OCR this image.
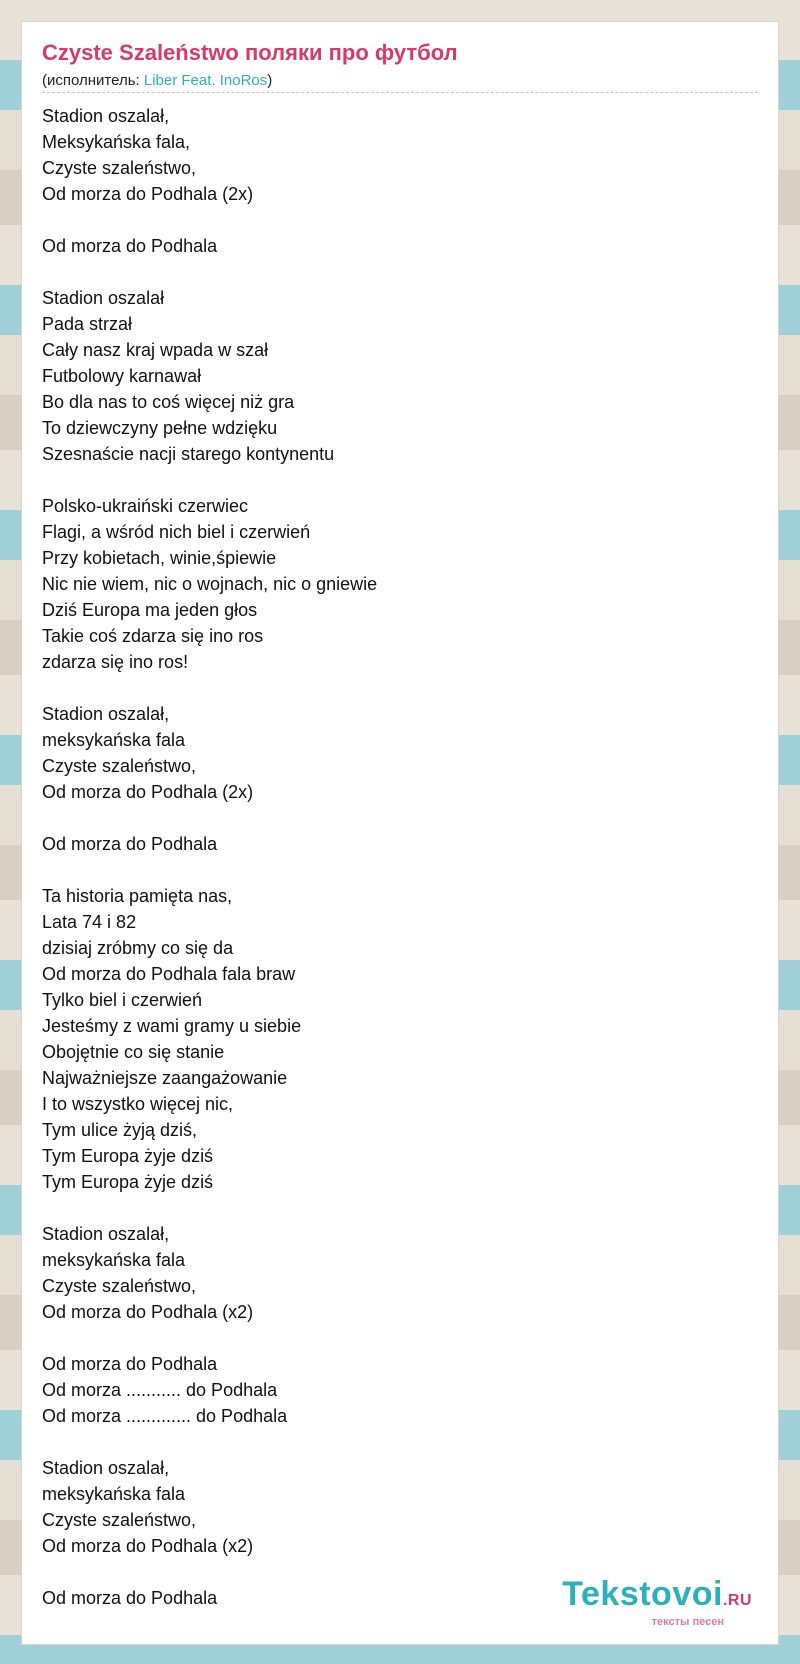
Czyste Szaleństwo поляки про футбол
(исполнитель: Liber Feat. InoRos)
Stadion oszalał,
Meksykańska fala,
Czyste szaleństwo,
Od morza do Podhala (2x)
Od morza do Podhala
Stadion oszalał
Pada strzał
Cały nasz kraj wpada w szał
Futbolowy karnawał
Bo dla nas to coś więcej niż gra
To dziewczyny pełne wdzięku
Szesnaście nacji starego kontynentu
Polsko-ukraiński czerwiec
Flagi, a wśród nich biel i czerwień
Przy kobietach, winie,śpiewie
Nic nie wiem, nic o wojnach, nic o gniewie
Dziś Europa ma jeden głos
Takie coś zdarza się ino ros
zdarza się ino ros!
Stadion oszalał,
meksykańska fala
Czyste szaleństwo,
Od morza do Podhala (2x)
Od morza do Podhala
Ta historia pamięta nas,
Lata 74 i 82
dzisiaj zróbmy co się da
Od morza do Podhala fala braw
Tylko biel i czerwień
Jesteśmy z wami gramy u siebie
Obojętnie co się stanie
Najważniejsze zaangażowanie
I to wszystko więcej nic,
Tym ulice żyją dziś,
Tym Europa żyje dziś
Tym Europa żyje dziś
Stadion oszalał,
meksykańska fala
Czyste szaleństwo,
Od morza do Podhala (x2)
Od morza do Podhala
Od morza ........... do Podhala
Od morza ............. do Podhala
Stadion oszalał,
meksykańska fala
Czyste szaleństwo,
Od morza do Podhala (x2)
Od morza do Podhala	Tekstovoi.RU
тексты песен
